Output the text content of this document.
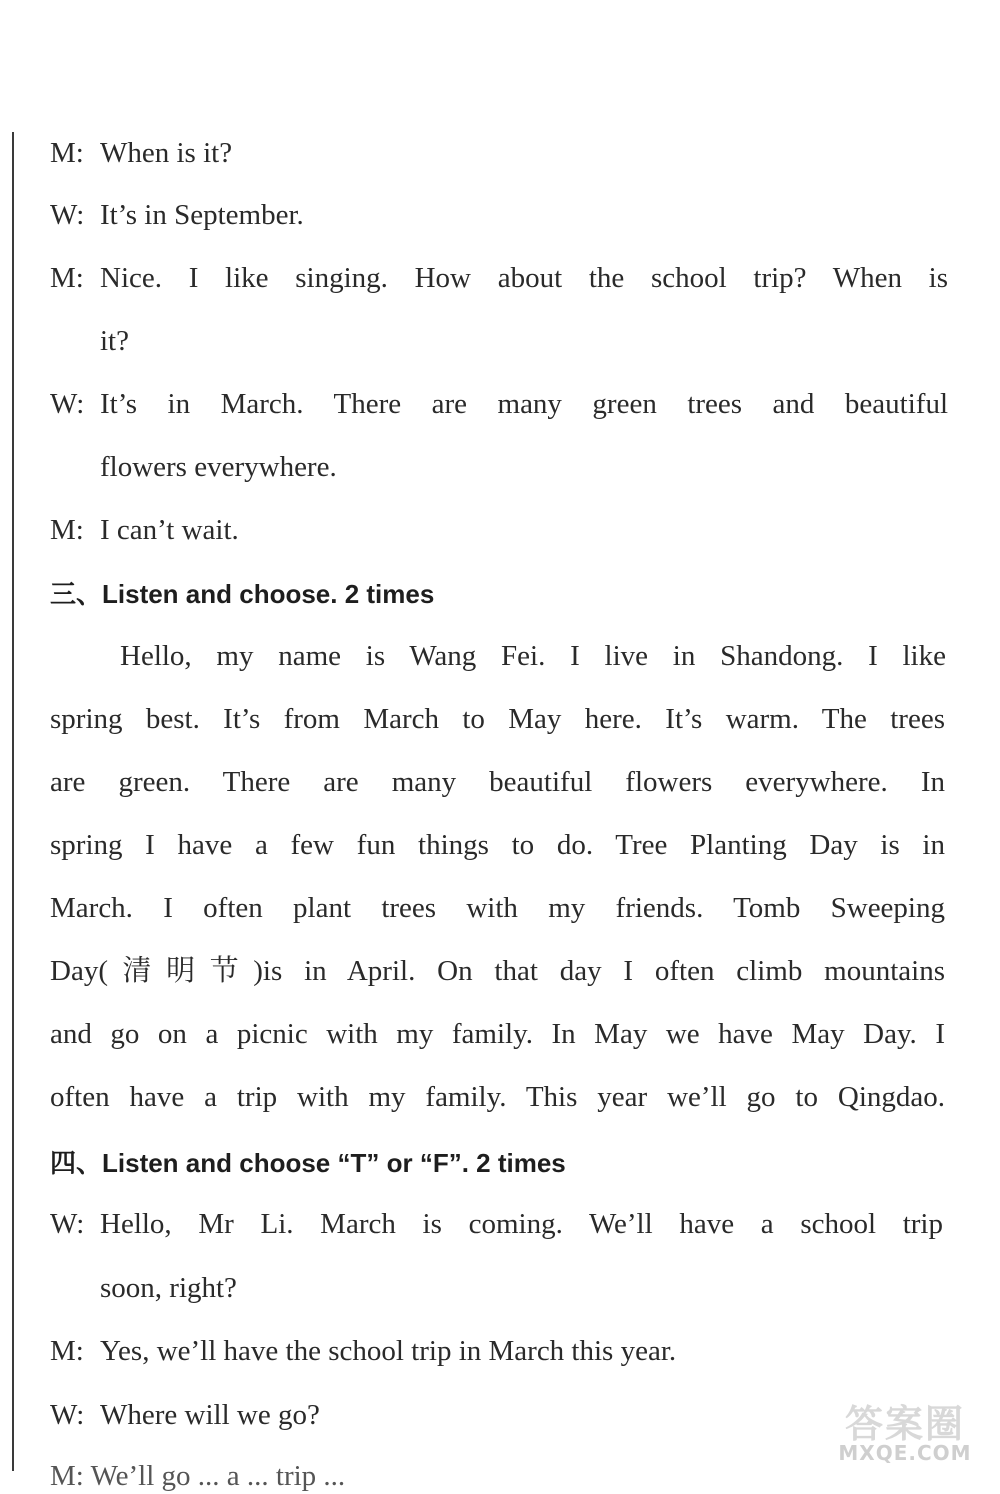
M: When is it?
W: It’s in September.
M: Nice. I like singing. How about the school trip? When is
it?
W: It’s in March. There are many green trees and beautiful
flowers everywhere.
M: I can’t wait.
三、Listen and choose. 2 times
Hello, my name is Wang Fei. I live in Shandong. I like
spring best. It’s from March to May here. It’s warm. The trees
are green. There are many beautiful flowers everywhere. In
spring I have a few fun things to do. Tree Planting Day is in
March. I often plant trees with my friends. Tomb Sweeping
Day(清明节)is in April. On that day I often climb mountains
and go on a picnic with my family. In May we have May Day. I
often have a trip with my family. This year we’ll go to Qingdao.
四、Listen and choose “T” or “F”. 2 times
W: Hello, Mr Li. March is coming. We’ll have a school trip
soon, right?
M: Yes, we’ll have the school trip in March this year.
W: Where will we go?
M: We’ll go ... a ... trip ...
答案圈
MXQE.COM
